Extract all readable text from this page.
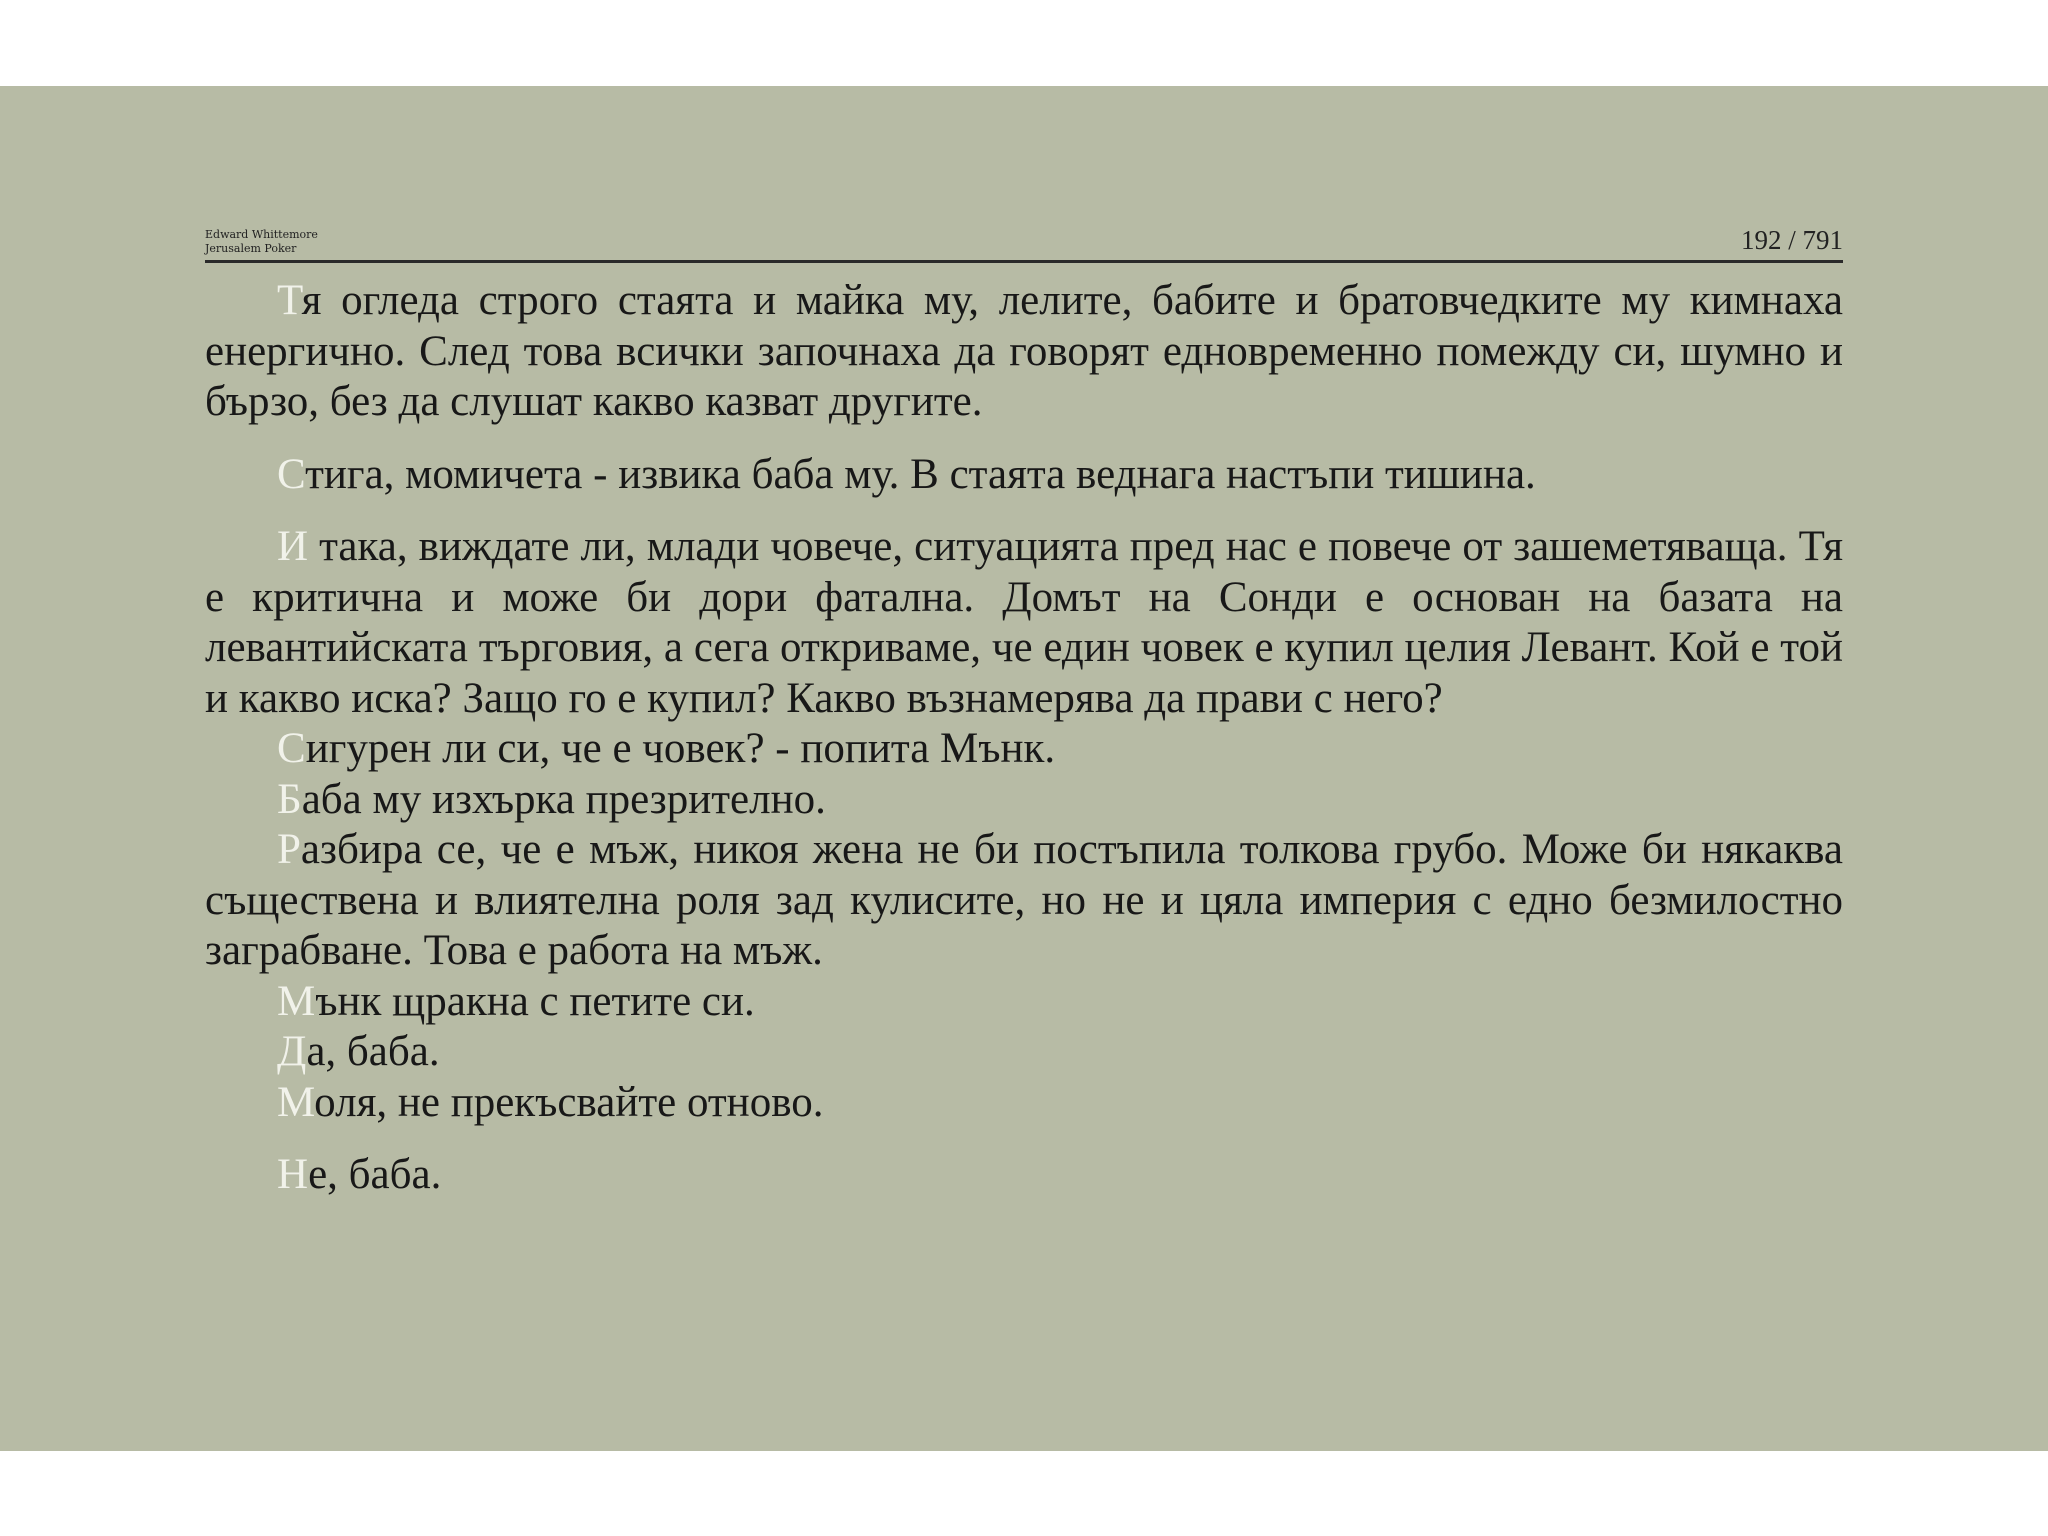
Edward Whittemore
Jerusalem Poker	192 / 791

Тя огледа строго стаята и майка му, лелите, бабите и братовчедките му кимнаха енергично. След това всички започнаха да говорят едновременно помежду си, шумно и бързо, без да слушат какво казват другите.

Стига, момичета - извика баба му. В стаята веднага настъпи тишина.

И така, виждате ли, млади човече, ситуацията пред нас е повече от зашеметяваща. Тя е критична и може би дори фатална. Домът на Сонди е основан на базата на левантийската търговия, а сега откриваме, че един човек е купил целия Левант. Кой е той и какво иска? Защо го е купил? Какво възнамерява да прави с него?

Сигурен ли си, че е човек? - попита Мънк.

Баба му изхърка презрително.

Разбира се, че е мъж, никоя жена не би постъпила толкова грубо. Може би някаква съществена и влиятелна роля зад кулисите, но не и цяла империя с едно безмилостно заграбване. Това е работа на мъж.

Мънк щракна с петите си.

Да, баба.

Моля, не прекъсвайте отново.

Не, баба.
